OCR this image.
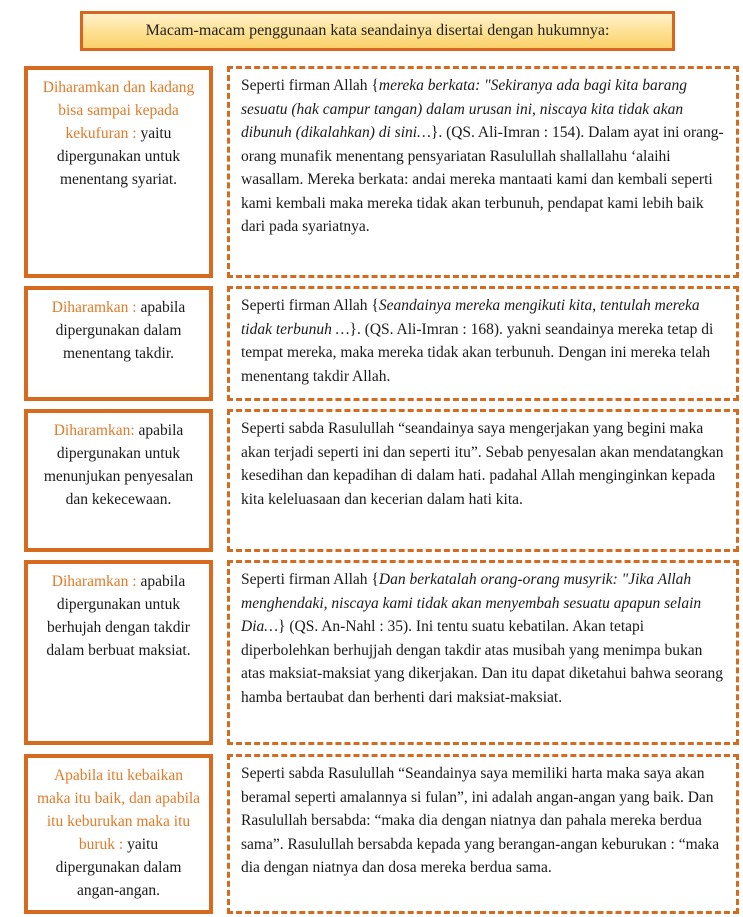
Macam-macam penggunaan kata seandainya disertai dengan hukumnya:
Diharamkan dan kadang bisa sampai kepada kekufuran : yaitu dipergunakan untuk menentang syariat.
Seperti firman Allah {mereka berkata: "Sekiranya ada bagi kita barang sesuatu (hak campur tangan) dalam urusan ini, niscaya kita tidak akan dibunuh (dikalahkan) di sini…}. (QS. Ali-Imran : 154). Dalam ayat ini orang-orang munafik menentang pensyariatan Rasulullah shallallahu ‘alaihi wasallam. Mereka berkata: andai mereka mantaati kami dan kembali seperti kami kembali maka mereka tidak akan terbunuh, pendapat kami lebih baik dari pada syariatnya.
Diharamkan : apabila dipergunakan dalam menentang takdir.
Seperti firman Allah {Seandainya mereka mengikuti kita, tentulah mereka tidak terbunuh …}. (QS. Ali-Imran : 168). yakni seandainya mereka tetap di tempat mereka, maka mereka tidak akan terbunuh. Dengan ini mereka telah menentang takdir Allah.
Diharamkan: apabila dipergunakan untuk menunjukan penyesalan dan kekecewaan.
Seperti sabda Rasulullah “seandainya saya mengerjakan yang begini maka akan terjadi seperti ini dan seperti itu”. Sebab penyesalan akan mendatangkan kesedihan dan kepadihan di dalam hati. padahal Allah menginginkan kepada kita keleluasaan dan kecerian dalam hati kita.
Diharamkan : apabila dipergunakan untuk berhujah dengan takdir dalam berbuat maksiat.
Seperti firman Allah {Dan berkatalah orang-orang musyrik: "Jika Allah menghendaki, niscaya kami tidak akan menyembah sesuatu apapun selain Dia…} (QS. An-Nahl : 35). Ini tentu suatu kebatilan. Akan tetapi diperbolehkan berhujjah dengan takdir atas musibah yang menimpa bukan atas maksiat-maksiat yang dikerjakan. Dan itu dapat diketahui bahwa seorang hamba bertaubat dan berhenti dari maksiat-maksiat.
Apabila itu kebaikan maka itu baik, dan apabila itu keburukan maka itu buruk : yaitu dipergunakan dalam angan-angan.
Seperti sabda Rasulullah “Seandainya saya memiliki harta maka saya akan beramal seperti amalannya si fulan”, ini adalah angan-angan yang baik. Dan Rasulullah bersabda: “maka dia dengan niatnya dan pahala mereka berdua sama”. Rasulullah bersabda kepada yang berangan-angan keburukan : “maka dia dengan niatnya dan dosa mereka berdua sama.
